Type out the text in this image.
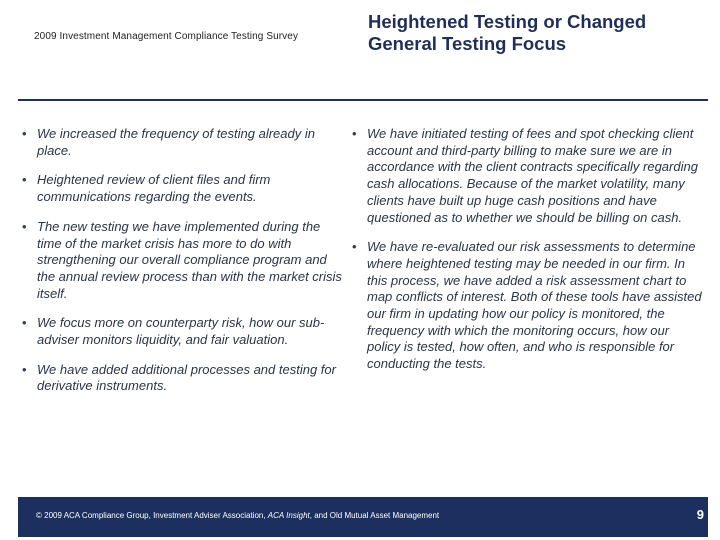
2009 Investment Management Compliance Testing Survey
Heightened Testing or Changed General Testing Focus
• We increased the frequency of testing already in place.
• Heightened review of client files and firm communications regarding the events.
• The new testing we have implemented during the time of the market crisis has more to do with strengthening our overall compliance program and the annual review process than with the market crisis itself.
• We focus more on counterparty risk, how our sub-adviser monitors liquidity, and fair valuation.
• We have added additional processes and testing for derivative instruments.
• We have initiated testing of fees and spot checking client account and third-party billing to make sure we are in accordance with the client contracts specifically regarding cash allocations. Because of the market volatility, many clients have built up huge cash positions and have questioned as to whether we should be billing on cash.
• We have re-evaluated our risk assessments to determine where heightened testing may be needed in our firm. In this process, we have added a risk assessment chart to map conflicts of interest. Both of these tools have assisted our firm in updating how our policy is monitored, the frequency with which the monitoring occurs, how our policy is tested, how often, and who is responsible for conducting the tests.
© 2009 ACA Compliance Group, Investment Adviser Association, ACA Insight, and Old Mutual Asset Management	9
